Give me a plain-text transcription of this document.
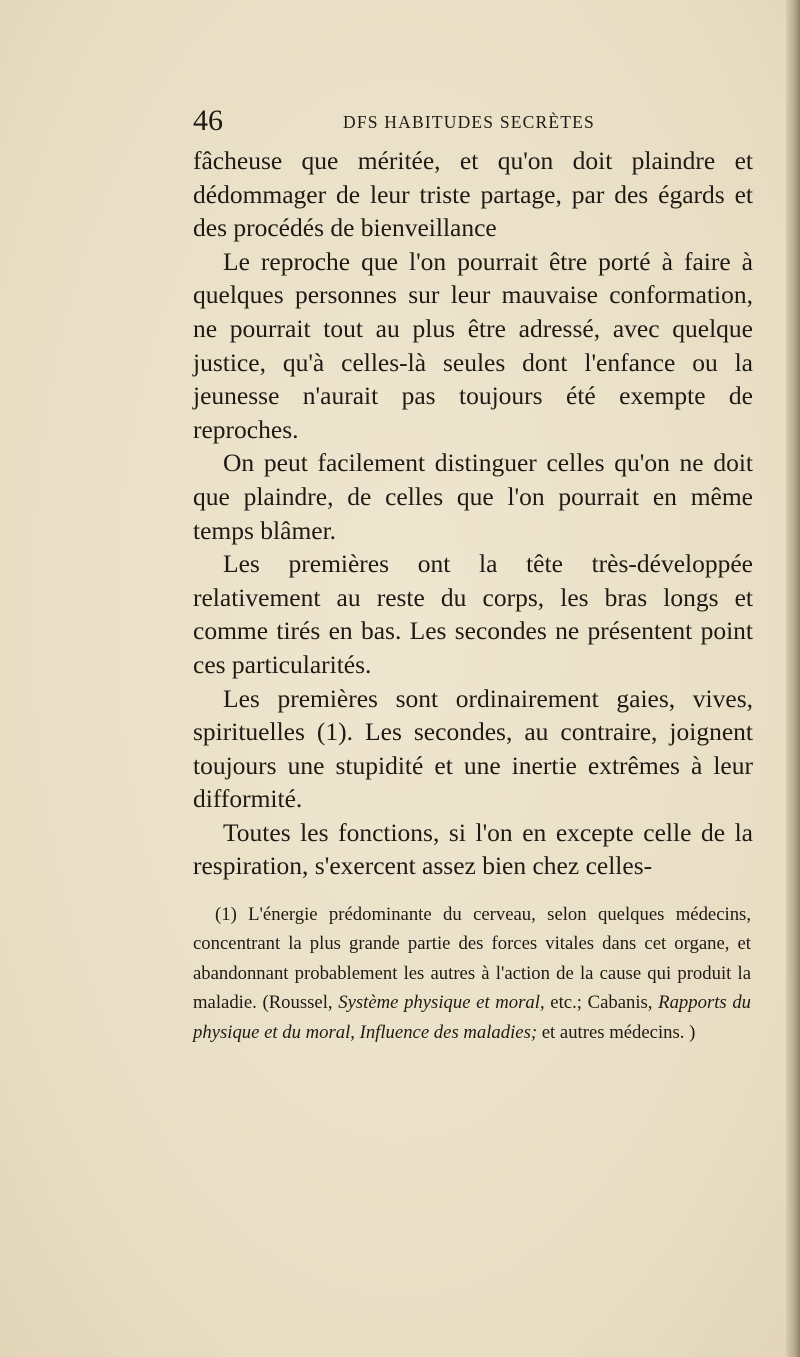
46	DFS HABITUDES SECRÈTES

fâcheuse que méritée, et qu'on doit plaindre et dédommager de leur triste partage, par des égards et des procédés de bienveillance

Le reproche que l'on pourrait être porté à faire à quelques personnes sur leur mauvaise conformation, ne pourrait tout au plus être adressé, avec quelque justice, qu'à celles-là seules dont l'enfance ou la jeunesse n'aurait pas toujours été exempte de reproches.

On peut facilement distinguer celles qu'on ne doit que plaindre, de celles que l'on pourrait en même temps blâmer.

Les premières ont la tête très-développée relativement au reste du corps, les bras longs et comme tirés en bas. Les secondes ne présentent point ces particularités.

Les premières sont ordinairement gaies, vives, spirituelles (1). Les secondes, au contraire, joignent toujours une stupidité et une inertie extrêmes à leur difformité.

Toutes les fonctions, si l'on en excepte celle de la respiration, s'exercent assez bien chez celles-

(1) L'énergie prédominante du cerveau, selon quelques médecins, concentrant la plus grande partie des forces vitales dans cet organe, et abandonnant probablement les autres à l'action de la cause qui produit la maladie. (Roussel, Système physique et moral, etc.; Cabanis, Rapports du physique et du moral, Influence des maladies; et autres médecins. )
